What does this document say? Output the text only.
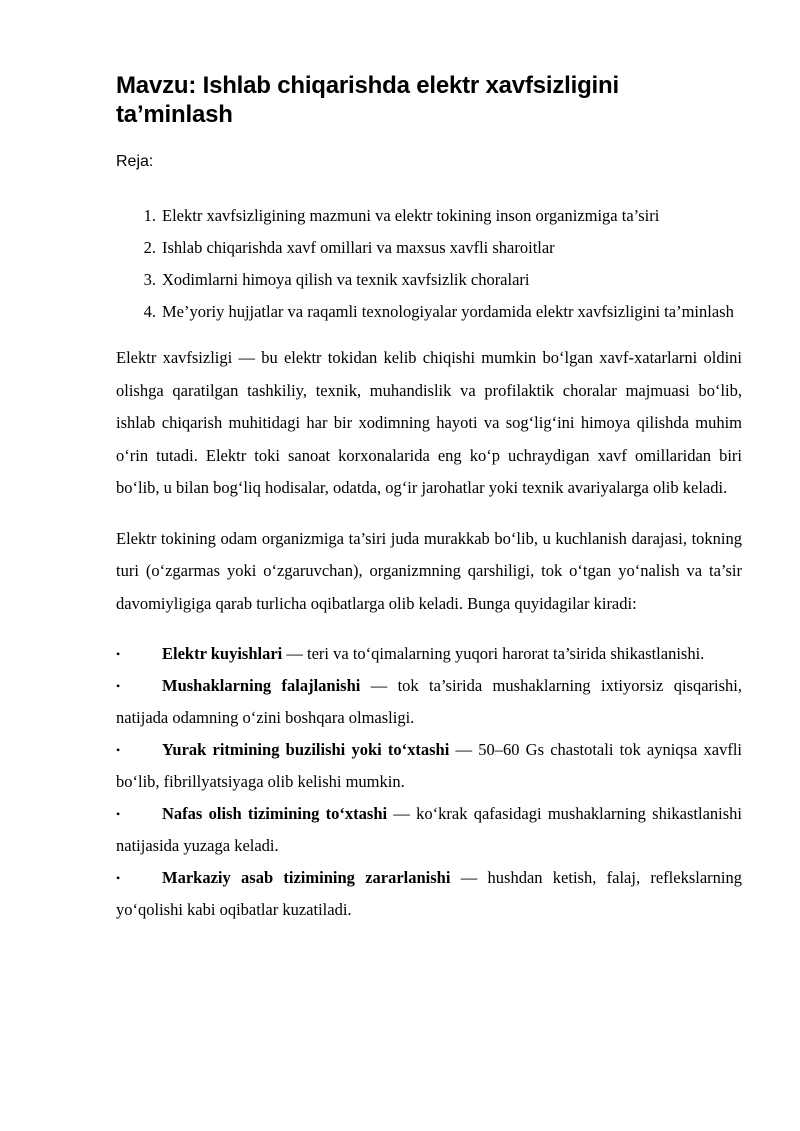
Mavzu: Ishlab chiqarishda elektr xavfsizligini ta’minlash
Reja:
1. Elektr xavfsizligining mazmuni va elektr tokining inson organizmiga ta’siri
2. Ishlab chiqarishda xavf omillari va maxsus xavfli sharoitlar
3. Xodimlarni himoya qilish va texnik xavfsizlik choralari
4. Me’yoriy hujjatlar va raqamli texnologiyalar yordamida elektr xavfsizligini ta’minlash

Elektr xavfsizligi — bu elektr tokidan kelib chiqishi mumkin bo‘lgan xavf-xatarlarni oldini olishga qaratilgan tashkiliy, texnik, muhandislik va profilaktik choralar majmuasi bo‘lib, ishlab chiqarish muhitidagi har bir xodimning hayoti va sog‘lig‘ini himoya qilishda muhim o‘rin tutadi. Elektr toki sanoat korxonalarida eng ko‘p uchraydigan xavf omillaridan biri bo‘lib, u bilan bog‘liq hodisalar, odatda, og‘ir jarohatlar yoki texnik avariyalarga olib keladi.

Elektr tokining odam organizmiga ta’siri juda murakkab bo‘lib, u kuchlanish darajasi, tokning turi (o‘zgarmas yoki o‘zgaruvchan), organizmning qarshiligi, tok o‘tgan yo‘nalish va ta’sir davomiyligiga qarab turlicha oqibatlarga olib keladi. Bunga quyidagilar kiradi:

•	Elektr kuyishlari — teri va to‘qimalarning yuqori harorat ta’sirida shikastlanishi.
•	Mushaklarning falajlanishi — tok ta’sirida mushaklarning ixtiyorsiz qisqarishi, natijada odamning o‘zini boshqara olmasligi.
•	Yurak ritmining buzilishi yoki to‘xtashi — 50–60 Gs chastotali tok ayniqsa xavfli bo‘lib, fibrillyatsiyaga olib kelishi mumkin.
•	Nafas olish tizimining to‘xtashi — ko‘krak qafasidagi mushaklarning shikastlanishi natijasida yuzaga keladi.
•	Markaziy asab tizimining zararlanishi — hushdan ketish, falaj, reflekslarning yo‘qolishi kabi oqibatlar kuzatiladi.
